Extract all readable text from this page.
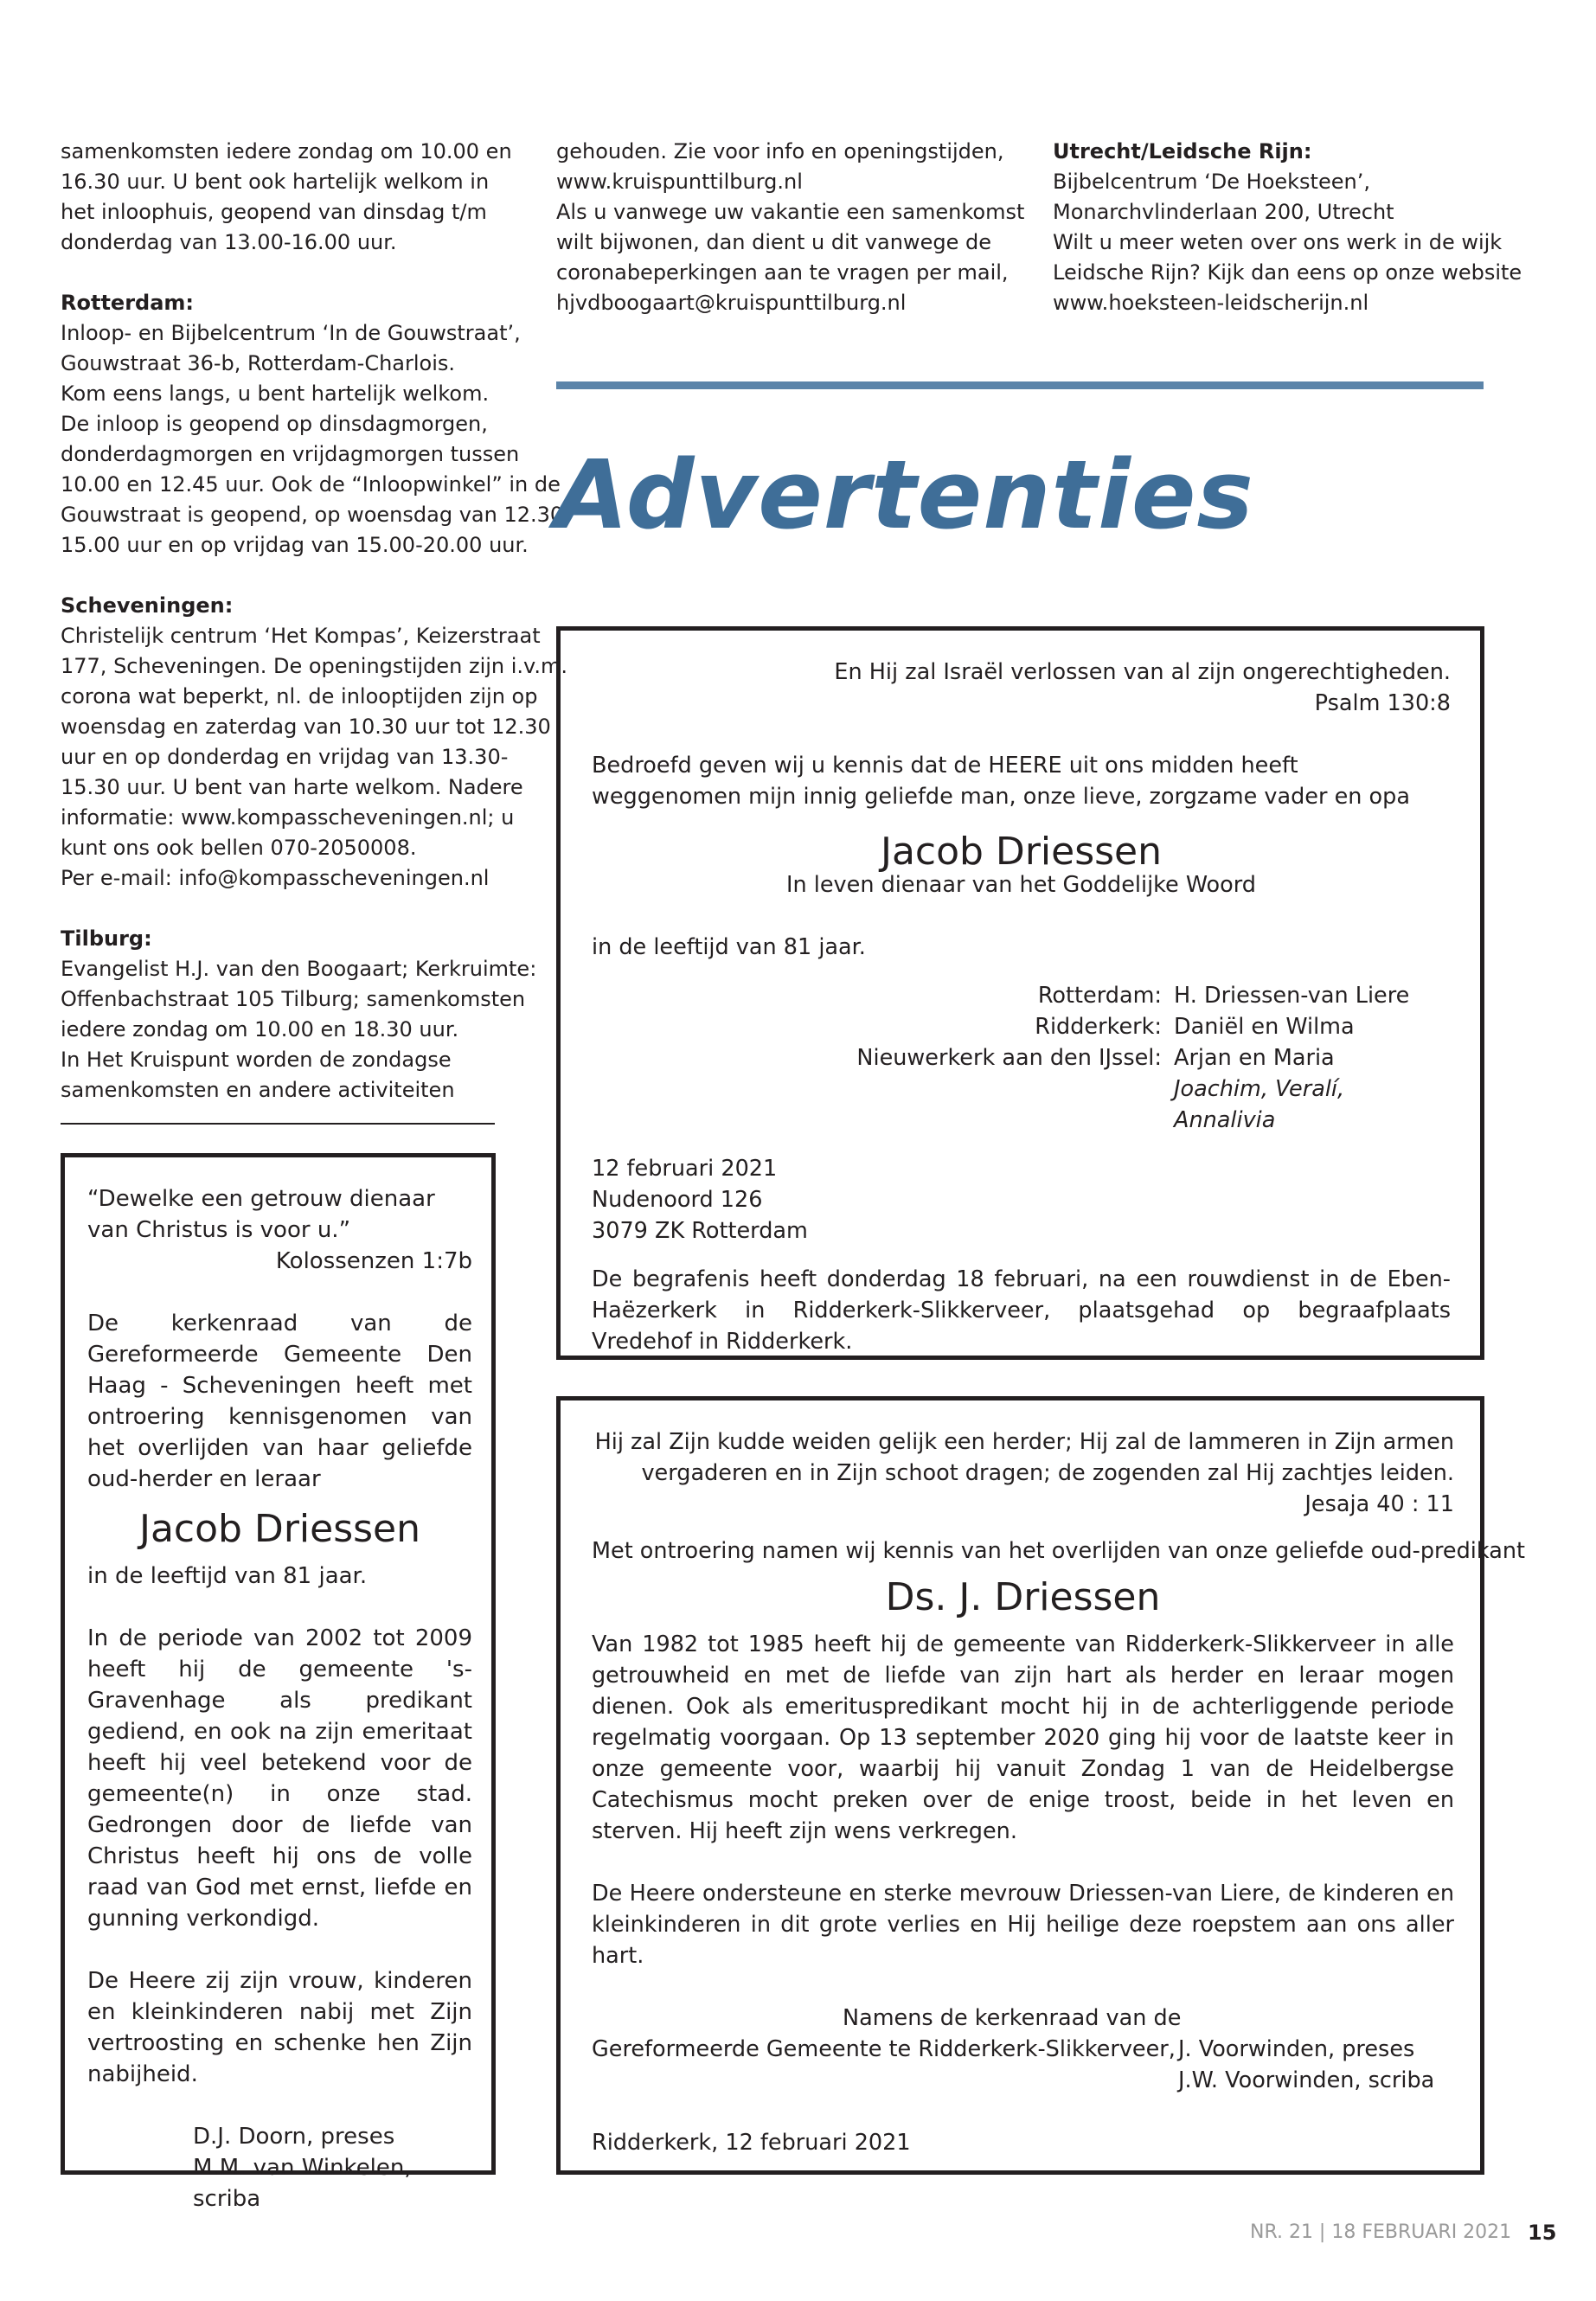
samenkomsten iedere zondag om 10.00 en
16.30 uur. U bent ook hartelijk welkom in
het inloophuis, geopend van dinsdag t/m
donderdag van 13.00-16.00 uur.

Rotterdam:
Inloop- en Bijbelcentrum ‘In de Gouwstraat’,
Gouwstraat 36-b, Rotterdam-Charlois.
Kom eens langs, u bent hartelijk welkom.
De inloop is geopend op dinsdagmorgen,
donderdagmorgen en vrijdagmorgen tussen
10.00 en 12.45 uur. Ook de “Inloopwinkel” in de
Gouwstraat is geopend, op woensdag van 12.30-
15.00 uur en op vrijdag van 15.00-20.00 uur.

Scheveningen:
Christelijk centrum ‘Het Kompas’, Keizerstraat
177, Scheveningen. De openingstijden zijn i.v.m.
corona wat beperkt, nl. de inlooptijden zijn op
woensdag en zaterdag van 10.30 uur tot 12.30
uur en op donderdag en vrijdag van 13.30-
15.30 uur. U bent van harte welkom. Nadere
informatie: www.kompasscheveningen.nl; u
kunt ons ook bellen 070-2050008.
Per e-mail: info@kompasscheveningen.nl

Tilburg:
Evangelist H.J. van den Boogaart; Kerkruimte:
Offenbachstraat 105 Tilburg; samenkomsten
iedere zondag om 10.00 en 18.30 uur.
In Het Kruispunt worden de zondagse
samenkomsten en andere activiteiten

gehouden. Zie voor info en openingstijden,
www.kruispunttilburg.nl
Als u vanwege uw vakantie een samenkomst
wilt bijwonen, dan dient u dit vanwege de
coronabeperkingen aan te vragen per mail,
hjvdboogaart@kruispunttilburg.nl
Utrecht/Leidsche Rijn:
Bijbelcentrum ‘De Hoeksteen’,
Monarchvlinderlaan 200, Utrecht
Wilt u meer weten over ons werk in de wijk
Leidsche Rijn? Kijk dan eens op onze website
www.hoeksteen-leidscherijn.nl
Advertenties
En Hij zal Israël verlossen van al zijn ongerechtigheden.
Psalm 130:8
Bedroefd geven wij u kennis dat de HEERE uit ons midden heeft weggenomen mijn innig geliefde man, onze lieve, zorgzame vader en opa
Jacob Driessen
In leven dienaar van het Goddelijke Woord
in de leeftijd van 81 jaar.
Rotterdam: H. Driessen-van Liere
Ridderkerk: Daniël en Wilma
Nieuwerkerk aan den IJssel: Arjan en Maria
Joachim, Veralí, Annalivia
12 februari 2021
Nudenoord 126
3079 ZK Rotterdam
De begrafenis heeft donderdag 18 februari, na een rouwdienst in de Eben-Haëzerkerk in Ridderkerk-Slikkerveer, plaatsgehad op begraafplaats Vredehof in Ridderkerk.
Hij zal Zijn kudde weiden gelijk een herder; Hij zal de lammeren in Zijn armen
vergaderen en in Zijn schoot dragen; de zogenden zal Hij zachtjes leiden.
Jesaja 40 : 11
Met ontroering namen wij kennis van het overlijden van onze geliefde oud-predikant
Ds. J. Driessen
Van 1982 tot 1985 heeft hij de gemeente van Ridderkerk-Slikkerveer in alle getrouwheid en met de liefde van zijn hart als herder en leraar mogen dienen. Ook als emerituspredikant mocht hij in de achterliggende periode regelmatig voorgaan. Op 13 september 2020 ging hij voor de laatste keer in onze gemeente voor, waarbij hij vanuit Zondag 1 van de Heidelbergse Catechismus mocht preken over de enige troost, beide in het leven en sterven. Hij heeft zijn wens verkregen.
De Heere ondersteune en sterke mevrouw Driessen-van Liere, de kinderen en kleinkinderen in dit grote verlies en Hij heilige deze roepstem aan ons aller hart.
Namens de kerkenraad van de
Gereformeerde Gemeente te Ridderkerk-Slikkerveer, J. Voorwinden, preses
J.W. Voorwinden, scriba
Ridderkerk, 12 februari 2021
“Dewelke een getrouw dienaar van Christus is voor u.”
Kolossenzen 1:7b
De kerkenraad van de Gereformeerde Gemeente Den Haag - Scheveningen heeft met ontroering kennisgenomen van het overlijden van haar geliefde oud-herder en leraar
Jacob Driessen
in de leeftijd van 81 jaar.
In de periode van 2002 tot 2009 heeft hij de gemeente 's-Gravenhage als predikant gediend, en ook na zijn emeritaat heeft hij veel betekend voor de gemeente(n) in onze stad. Gedrongen door de liefde van Christus heeft hij ons de volle raad van God met ernst, liefde en gunning verkondigd.
De Heere zij zijn vrouw, kinderen en kleinkinderen nabij met Zijn vertroosting en schenke hen Zijn nabijheid.
D.J. Doorn, preses
M.M. van Winkelen, scriba
NR. 21 | 18 FEBRUARI 2021 15
